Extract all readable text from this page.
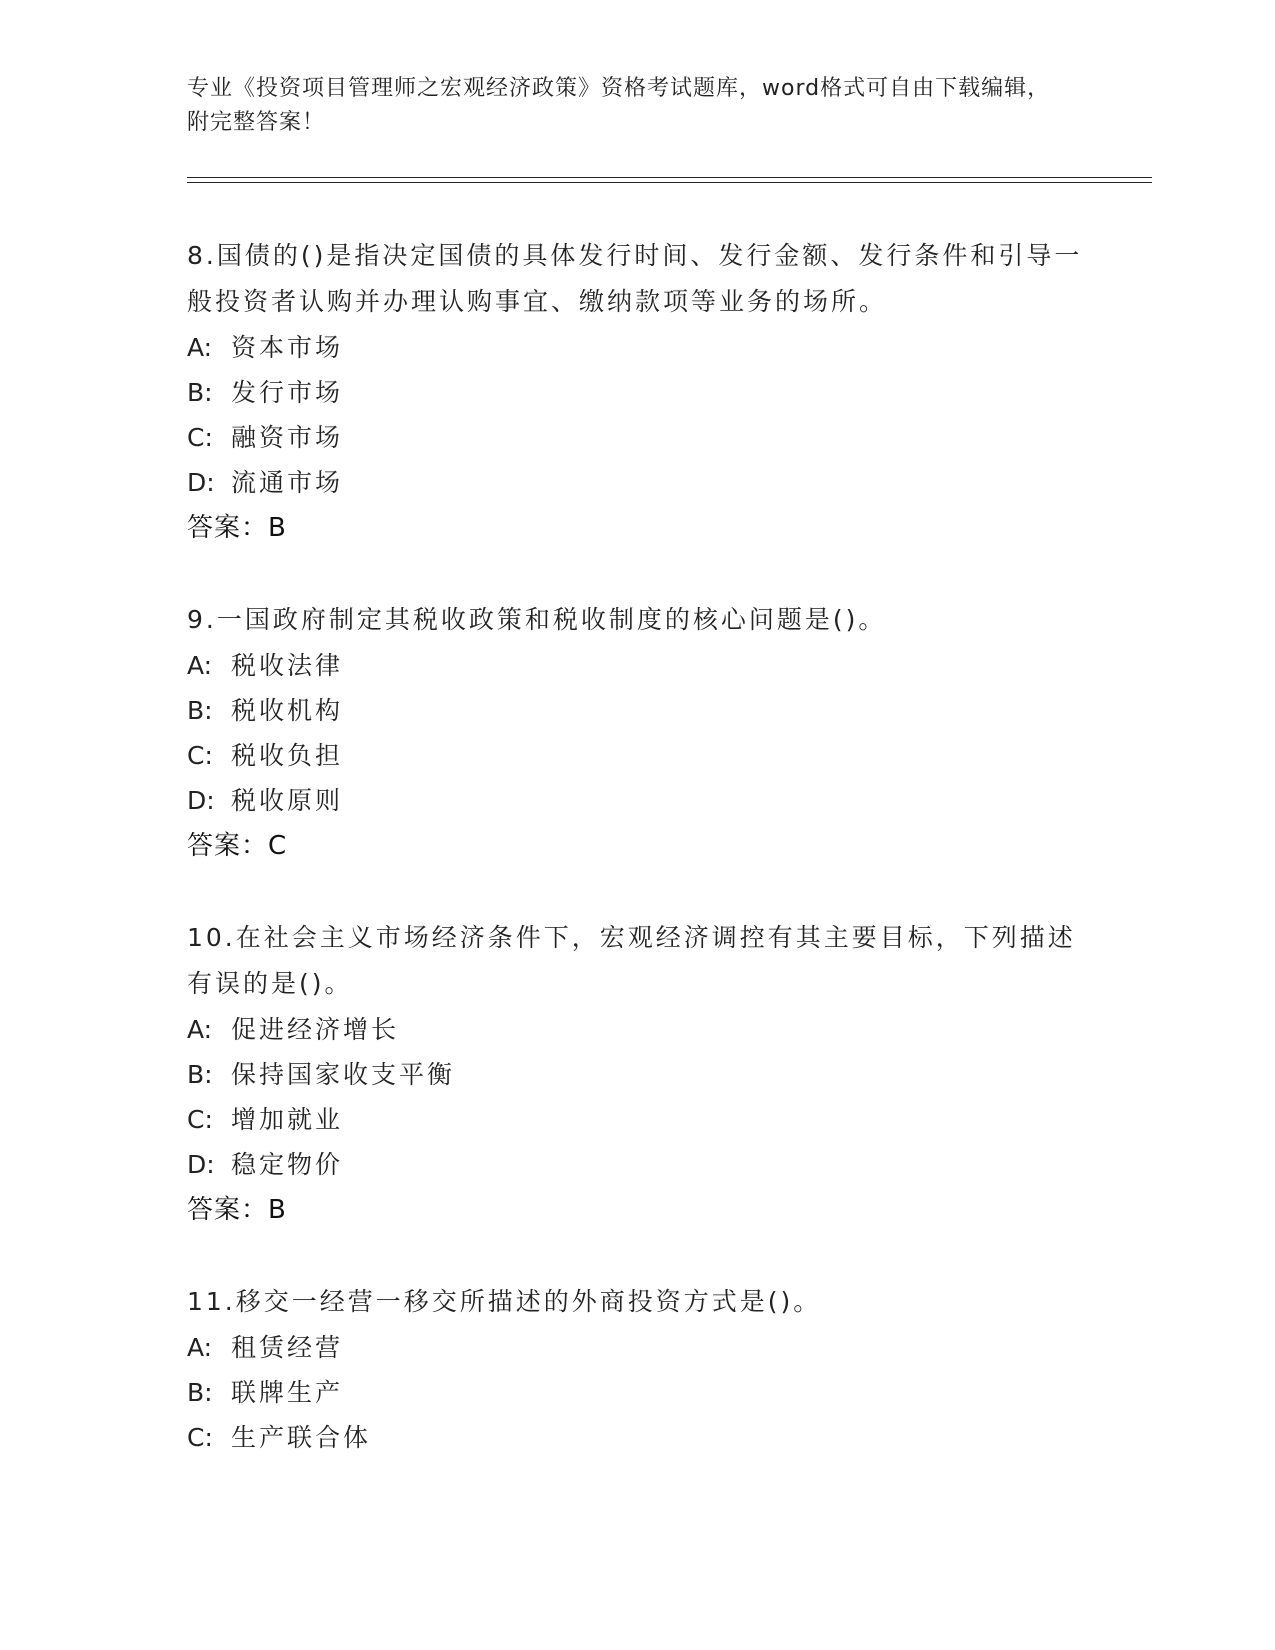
专业《投资项目管理师之宏观经济政策》资格考试题库，word格式可自由下载编辑，附完整答案！
8.国债的()是指决定国债的具体发行时间、发行金额、发行条件和引导一般投资者认购并办理认购事宜、缴纳款项等业务的场所。
A: 资本市场
B: 发行市场
C: 融资市场
D: 流通市场
答案：B
9.一国政府制定其税收政策和税收制度的核心问题是()。
A: 税收法律
B: 税收机构
C: 税收负担
D: 税收原则
答案：C
10.在社会主义市场经济条件下，宏观经济调控有其主要目标，下列描述有误的是()。
A: 促进经济增长
B: 保持国家收支平衡
C: 增加就业
D: 稳定物价
答案：B
11.移交一经营一移交所描述的外商投资方式是()。
A: 租赁经营
B: 联牌生产
C: 生产联合体
